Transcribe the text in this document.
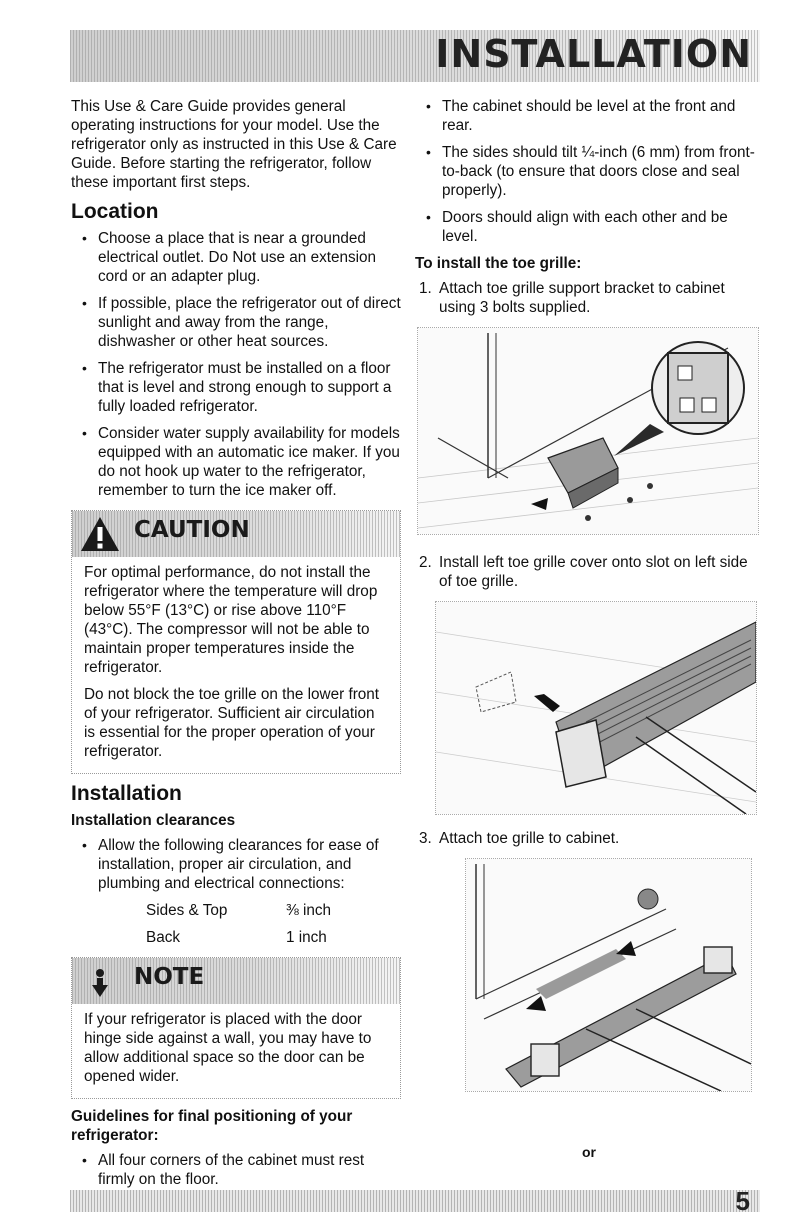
INSTALLATION

This Use & Care Guide provides general operating instructions for your model. Use the refrigerator only as instructed in this Use & Care Guide. Before starting the refrigerator, follow these important first steps.

Location
• Choose a place that is near a grounded electrical outlet. Do Not use an extension cord or an adapter plug.
• If possible, place the refrigerator out of direct sunlight and away from the range, dishwasher or other heat sources.
• The refrigerator must be installed on a floor that is level and strong enough to support a fully loaded refrigerator.
• Consider water supply availability for models equipped with an automatic ice maker. If you do not hook up water to the refrigerator, remember to turn the ice maker off.
CAUTION

For optimal performance, do not install the refrigerator where the temperature will drop below 55°F (13°C) or rise above 110°F (43°C). The compressor will not be able to maintain proper temperatures inside the refrigerator.

Do not block the toe grille on the lower front of your refrigerator. Sufficient air circulation is essential for the proper operation of your refrigerator.

Installation
Installation clearances
• Allow the following clearances for ease of installation, proper air circulation, and plumbing and electrical connections:
Sides & Top	⅜ inch
Back	1 inch
NOTE

If your refrigerator is placed with the door hinge side against a wall, you may have to allow additional space so the door can be opened wider.

Guidelines for final positioning of your refrigerator:
• All four corners of the cabinet must rest firmly on the floor.
• The cabinet should be level at the front and rear.
• The sides should tilt ¼-inch (6 mm) from front-to-back (to ensure that doors close and seal properly).
• Doors should align with each other and be level.
To install the toe grille:
1. Attach toe grille support bracket to cabinet using 3 bolts supplied.

2. Install left toe grille cover onto slot on left side of toe grille.

3. Attach toe grille to cabinet.

or
5
